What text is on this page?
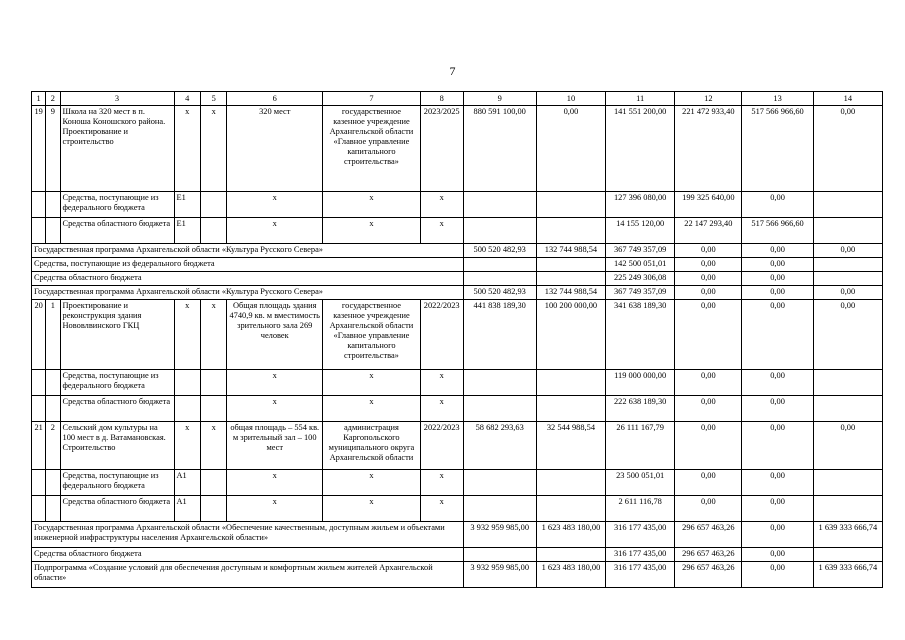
7
1	2	3	4	5	6	7	8	9	10	11	12	13	14
19	9	Школа на 320 мест в п. Коноша Коношского района. Проектирование и строительство	х	х	320 мест	государственное казенное учреждение Архангельской области «Главное управление капитального строительства»	2023/2025	880 591 100,00	0,00	141 551 200,00	221 472 933,40	517 566 966,60	0,00
		Средства, поступающие из федерального бюджета	Е1		х	х	х			127 396 080,00	199 325 640,00	0,00	
		Средства областного бюджета	Е1		х	х	х			14 155 120,00	22 147 293,40	517 566 966,60	
Государственная программа Архангельской области «Культура Русского Севера»								500 520 482,93	132 744 988,54	367 749 357,09	0,00	0,00	0,00
Средства, поступающие из федерального бюджета										142 500 051,01	0,00	0,00	
Средства областного бюджета										225 249 306,08	0,00	0,00	
Государственная программа Архангельской области «Культура Русского Севера»								500 520 482,93	132 744 988,54	367 749 357,09	0,00	0,00	0,00
20	1	Проектирование и реконструкция здания Нововлвинского ГКЦ	х	х	Общая площадь здания 4740,9 кв. м вместимость зрительного зала 269 человек	государственное казенное учреждение Архангельской области «Главное управление капитального строительства»	2022/2023	441 838 189,30	100 200 000,00	341 638 189,30	0,00	0,00	0,00
		Средства, поступающие из федерального бюджета			х	х	х			119 000 000,00	0,00	0,00	
		Средства областного бюджета			х	х	х			222 638 189,30	0,00	0,00	
21	2	Сельский дом культуры на 100 мест в д. Ватамановская. Строительство	х	х	общая площадь – 554 кв. м зрительный зал – 100 мест	администрация Каргопольского муниципального округа Архангельской области	2022/2023	58 682 293,63	32 544 988,54	26 111 167,79	0,00	0,00	0,00
		Средства, поступающие из федерального бюджета	А1		х	х	х			23 500 051,01	0,00	0,00	
		Средства областного бюджета	А1		х	х	х			2 611 116,78	0,00	0,00	
Государственная программа Архангельской области «Обеспечение качественным, доступным жильем и объектами инженерной инфраструктуры населения Архангельской области»								3 932 959 985,00	1 623 483 180,00	316 177 435,00	296 657 463,26	0,00	1 639 333 666,74
Средства областного бюджета										316 177 435,00	296 657 463,26	0,00	
Подпрограмма «Создание условий для обеспечения доступным и комфортным жильем жителей Архангельской области»								3 932 959 985,00	1 623 483 180,00	316 177 435,00	296 657 463,26	0,00	1 639 333 666,74
